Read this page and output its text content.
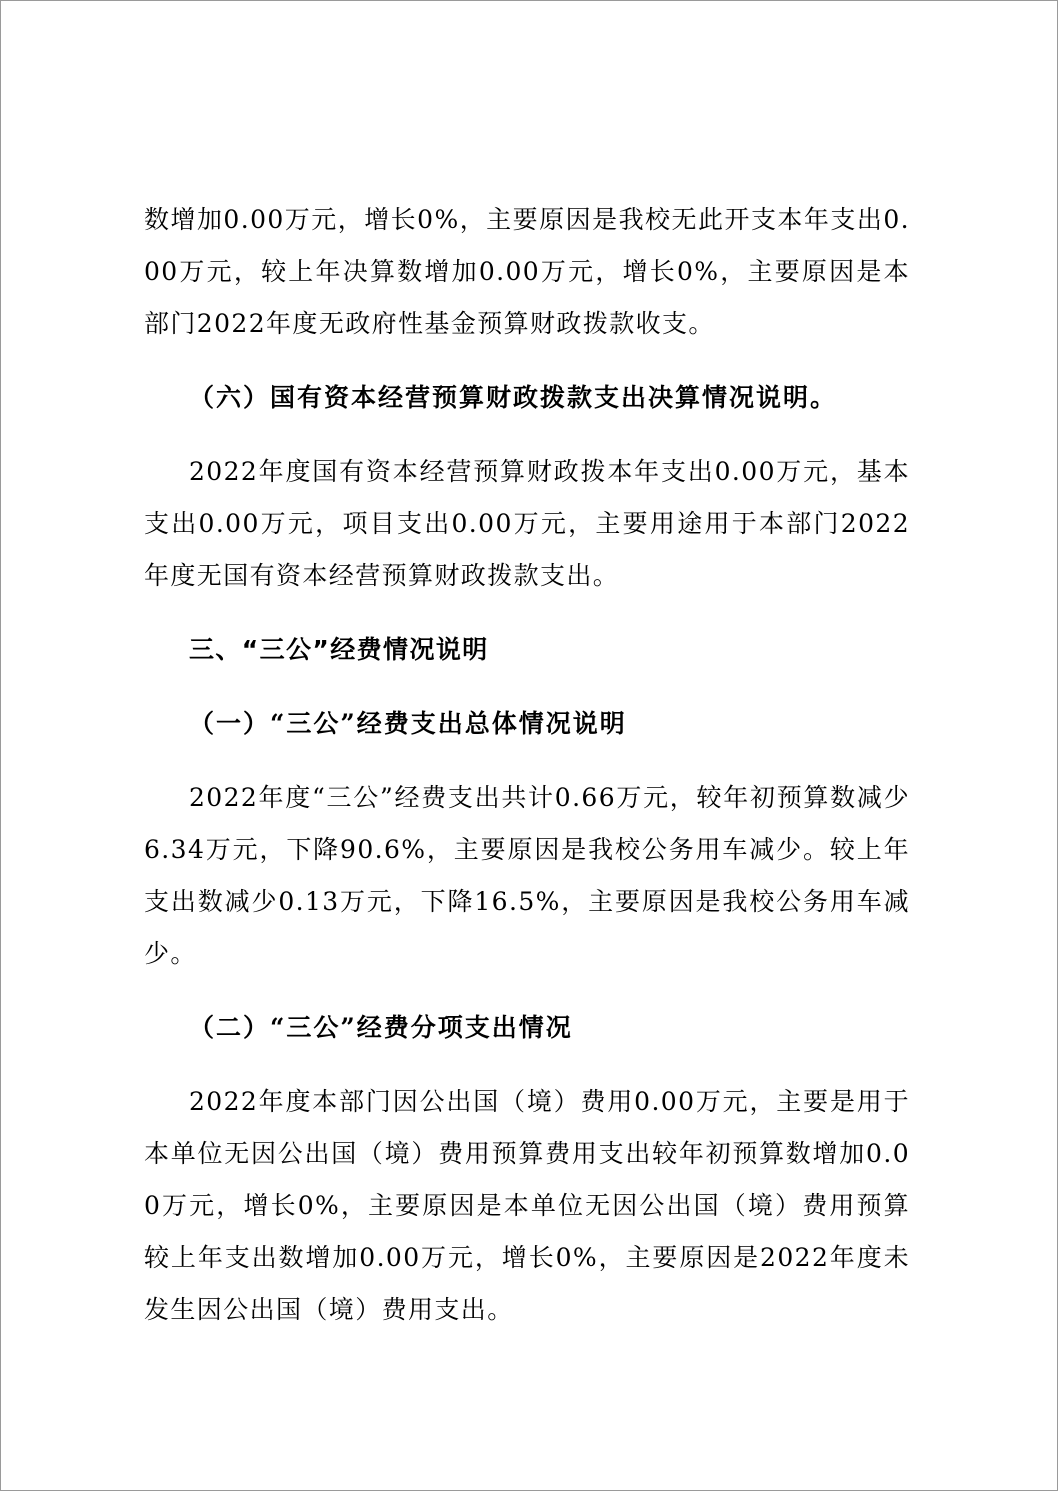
数增加0.00万元，增长0%，主要原因是我校无此开支本年支出0.00万元，较上年决算数增加0.00万元，增长0%，主要原因是本部门2022年度无政府性基金预算财政拨款收支。

（六）国有资本经营预算财政拨款支出决算情况说明。

2022年度国有资本经营预算财政拨本年支出0.00万元，基本支出0.00万元，项目支出0.00万元，主要用途用于本部门2022年度无国有资本经营预算财政拨款支出。

三、“三公”经费情况说明

（一）“三公”经费支出总体情况说明

2022年度“三公”经费支出共计0.66万元，较年初预算数减少6.34万元，下降90.6%，主要原因是我校公务用车减少。较上年支出数减少0.13万元，下降16.5%，主要原因是我校公务用车减少。

（二）“三公”经费分项支出情况

2022年度本部门因公出国（境）费用0.00万元，主要是用于本单位无因公出国（境）费用预算费用支出较年初预算数增加0.00万元，增长0%，主要原因是本单位无因公出国（境）费用预算较上年支出数增加0.00万元，增长0%，主要原因是2022年度未发生因公出国（境）费用支出。
